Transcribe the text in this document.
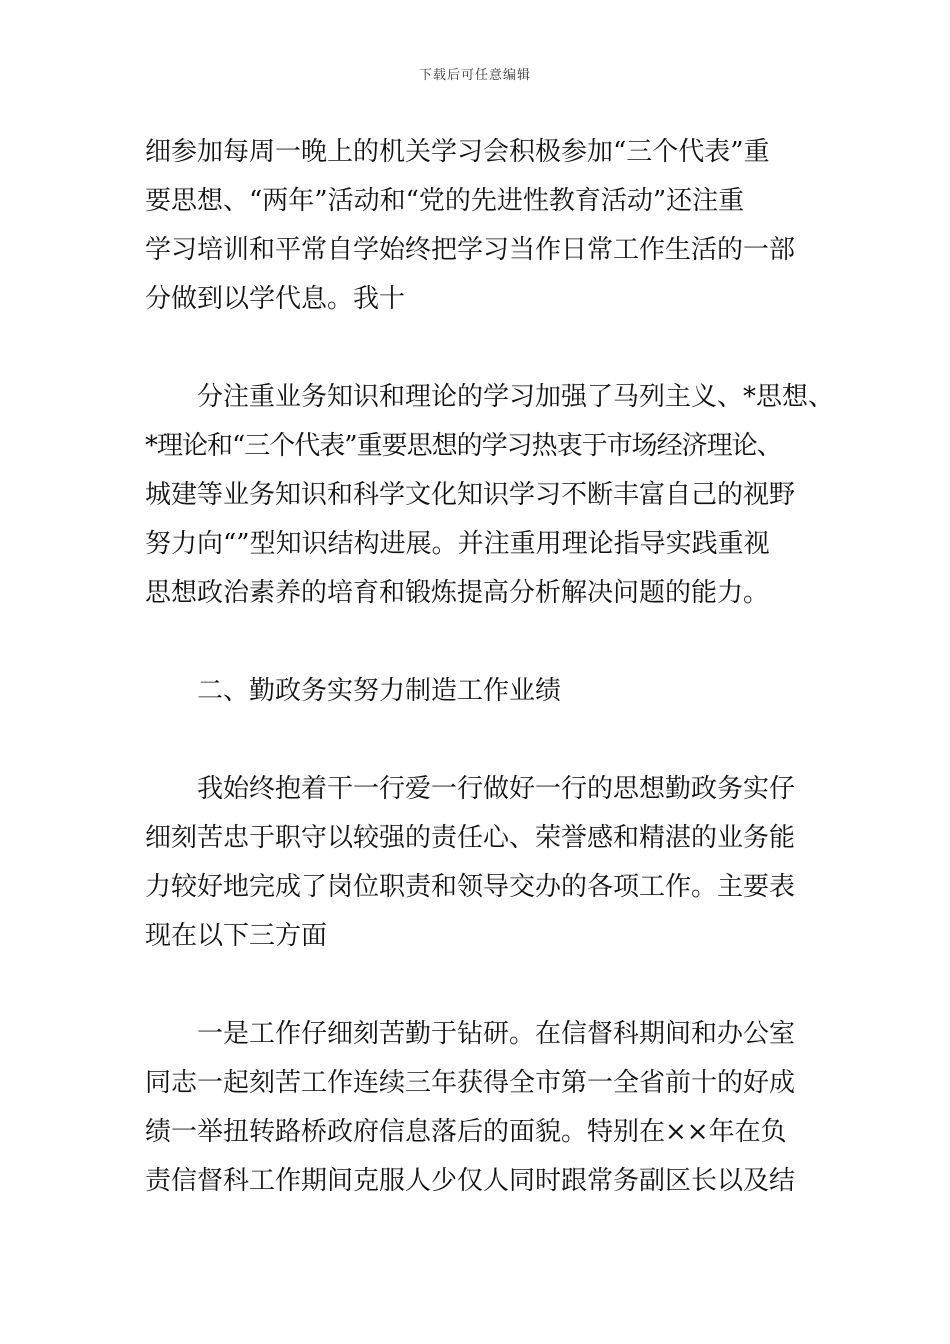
下载后可任意编辑
细参加每周一晚上的机关学习会积极参加“三个代表”重
要思想、“两年”活动和“党的先进性教育活动”还注重
学习培训和平常自学始终把学习当作日常工作生活的一部
分做到以学代息。我十
分注重业务知识和理论的学习加强了马列主义、*思想、
*理论和“三个代表”重要思想的学习热衷于市场经济理论、
城建等业务知识和科学文化知识学习不断丰富自己的视野
努力向“”型知识结构进展。并注重用理论指导实践重视
思想政治素养的培育和锻炼提高分析解决问题的能力。
二、勤政务实努力制造工作业绩
我始终抱着干一行爱一行做好一行的思想勤政务实仔
细刻苦忠于职守以较强的责任心、荣誉感和精湛的业务能
力较好地完成了岗位职责和领导交办的各项工作。主要表
现在以下三方面
一是工作仔细刻苦勤于钻研。在信督科期间和办公室
同志一起刻苦工作连续三年获得全市第一全省前十的好成
绩一举扭转路桥政府信息落后的面貌。特别在××年在负
责信督科工作期间克服人少仅人同时跟常务副区长以及结
